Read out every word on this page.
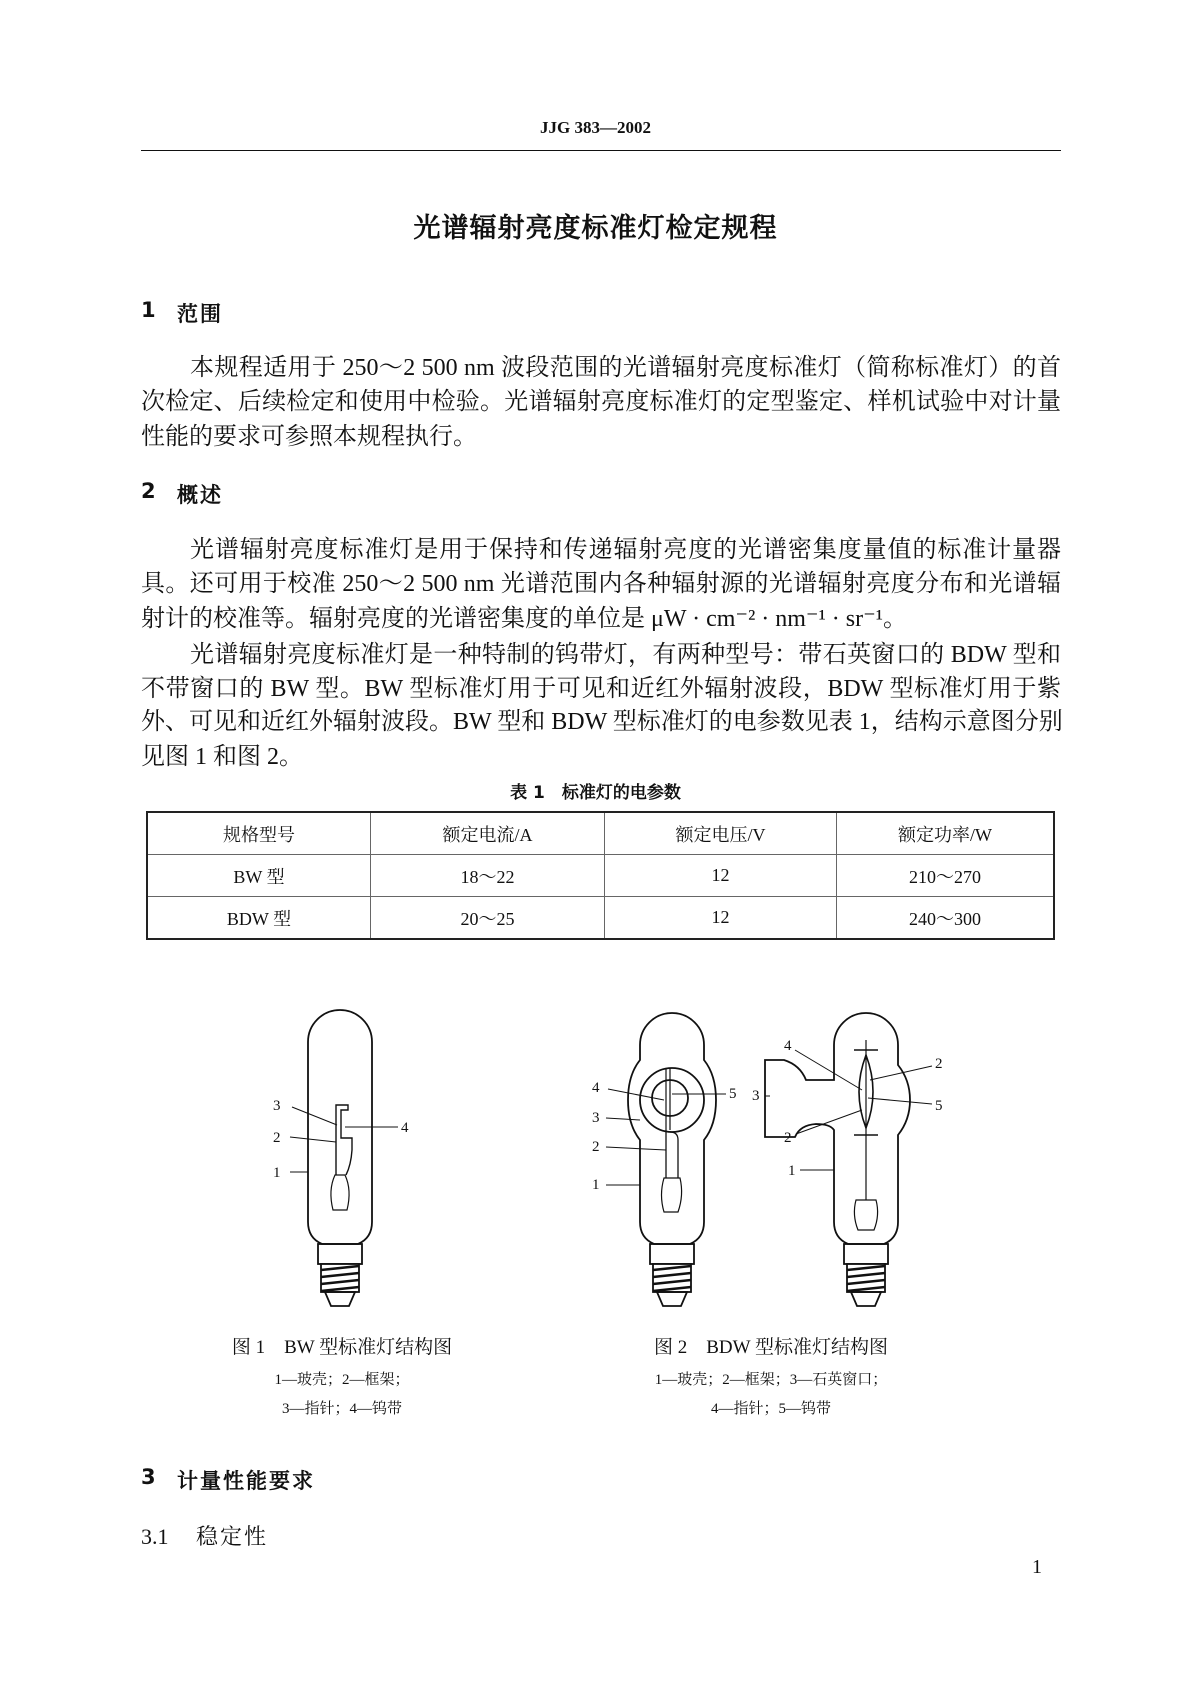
JJG 383—2002
光谱辐射亮度标准灯检定规程
1 范围
本规程适用于 250～2 500 nm 波段范围的光谱辐射亮度标准灯（简称标准灯）的首
次检定、后续检定和使用中检验。光谱辐射亮度标准灯的定型鉴定、样机试验中对计量
性能的要求可参照本规程执行。
2 概述
光谱辐射亮度标准灯是用于保持和传递辐射亮度的光谱密集度量值的标准计量器
具。还可用于校准 250～2 500 nm 光谱范围内各种辐射源的光谱辐射亮度分布和光谱辐
射计的校准等。辐射亮度的光谱密集度的单位是 μW · cm⁻² · nm⁻¹ · sr⁻¹。
光谱辐射亮度标准灯是一种特制的钨带灯，有两种型号：带石英窗口的 BDW 型和
不带窗口的 BW 型。BW 型标准灯用于可见和近红外辐射波段，BDW 型标准灯用于紫
外、可见和近红外辐射波段。BW 型和 BDW 型标准灯的电参数见表 1，结构示意图分别
见图 1 和图 2。
表 1　标准灯的电参数
规格型号	额定电流/A	额定电压/V	额定功率/W
BW 型	18～22	12	210～270
BDW 型	20～25	12	240～300
3
2
1
4
4
3
2
1
5
4
2
3
5
2
1
图 1　BW 型标准灯结构图
1—玻壳；2—框架；
3—指针；4—钨带
图 2　BDW 型标准灯结构图
1—玻壳；2—框架；3—石英窗口；
4—指针；5—钨带
3 计量性能要求
3.1 稳定性
1
